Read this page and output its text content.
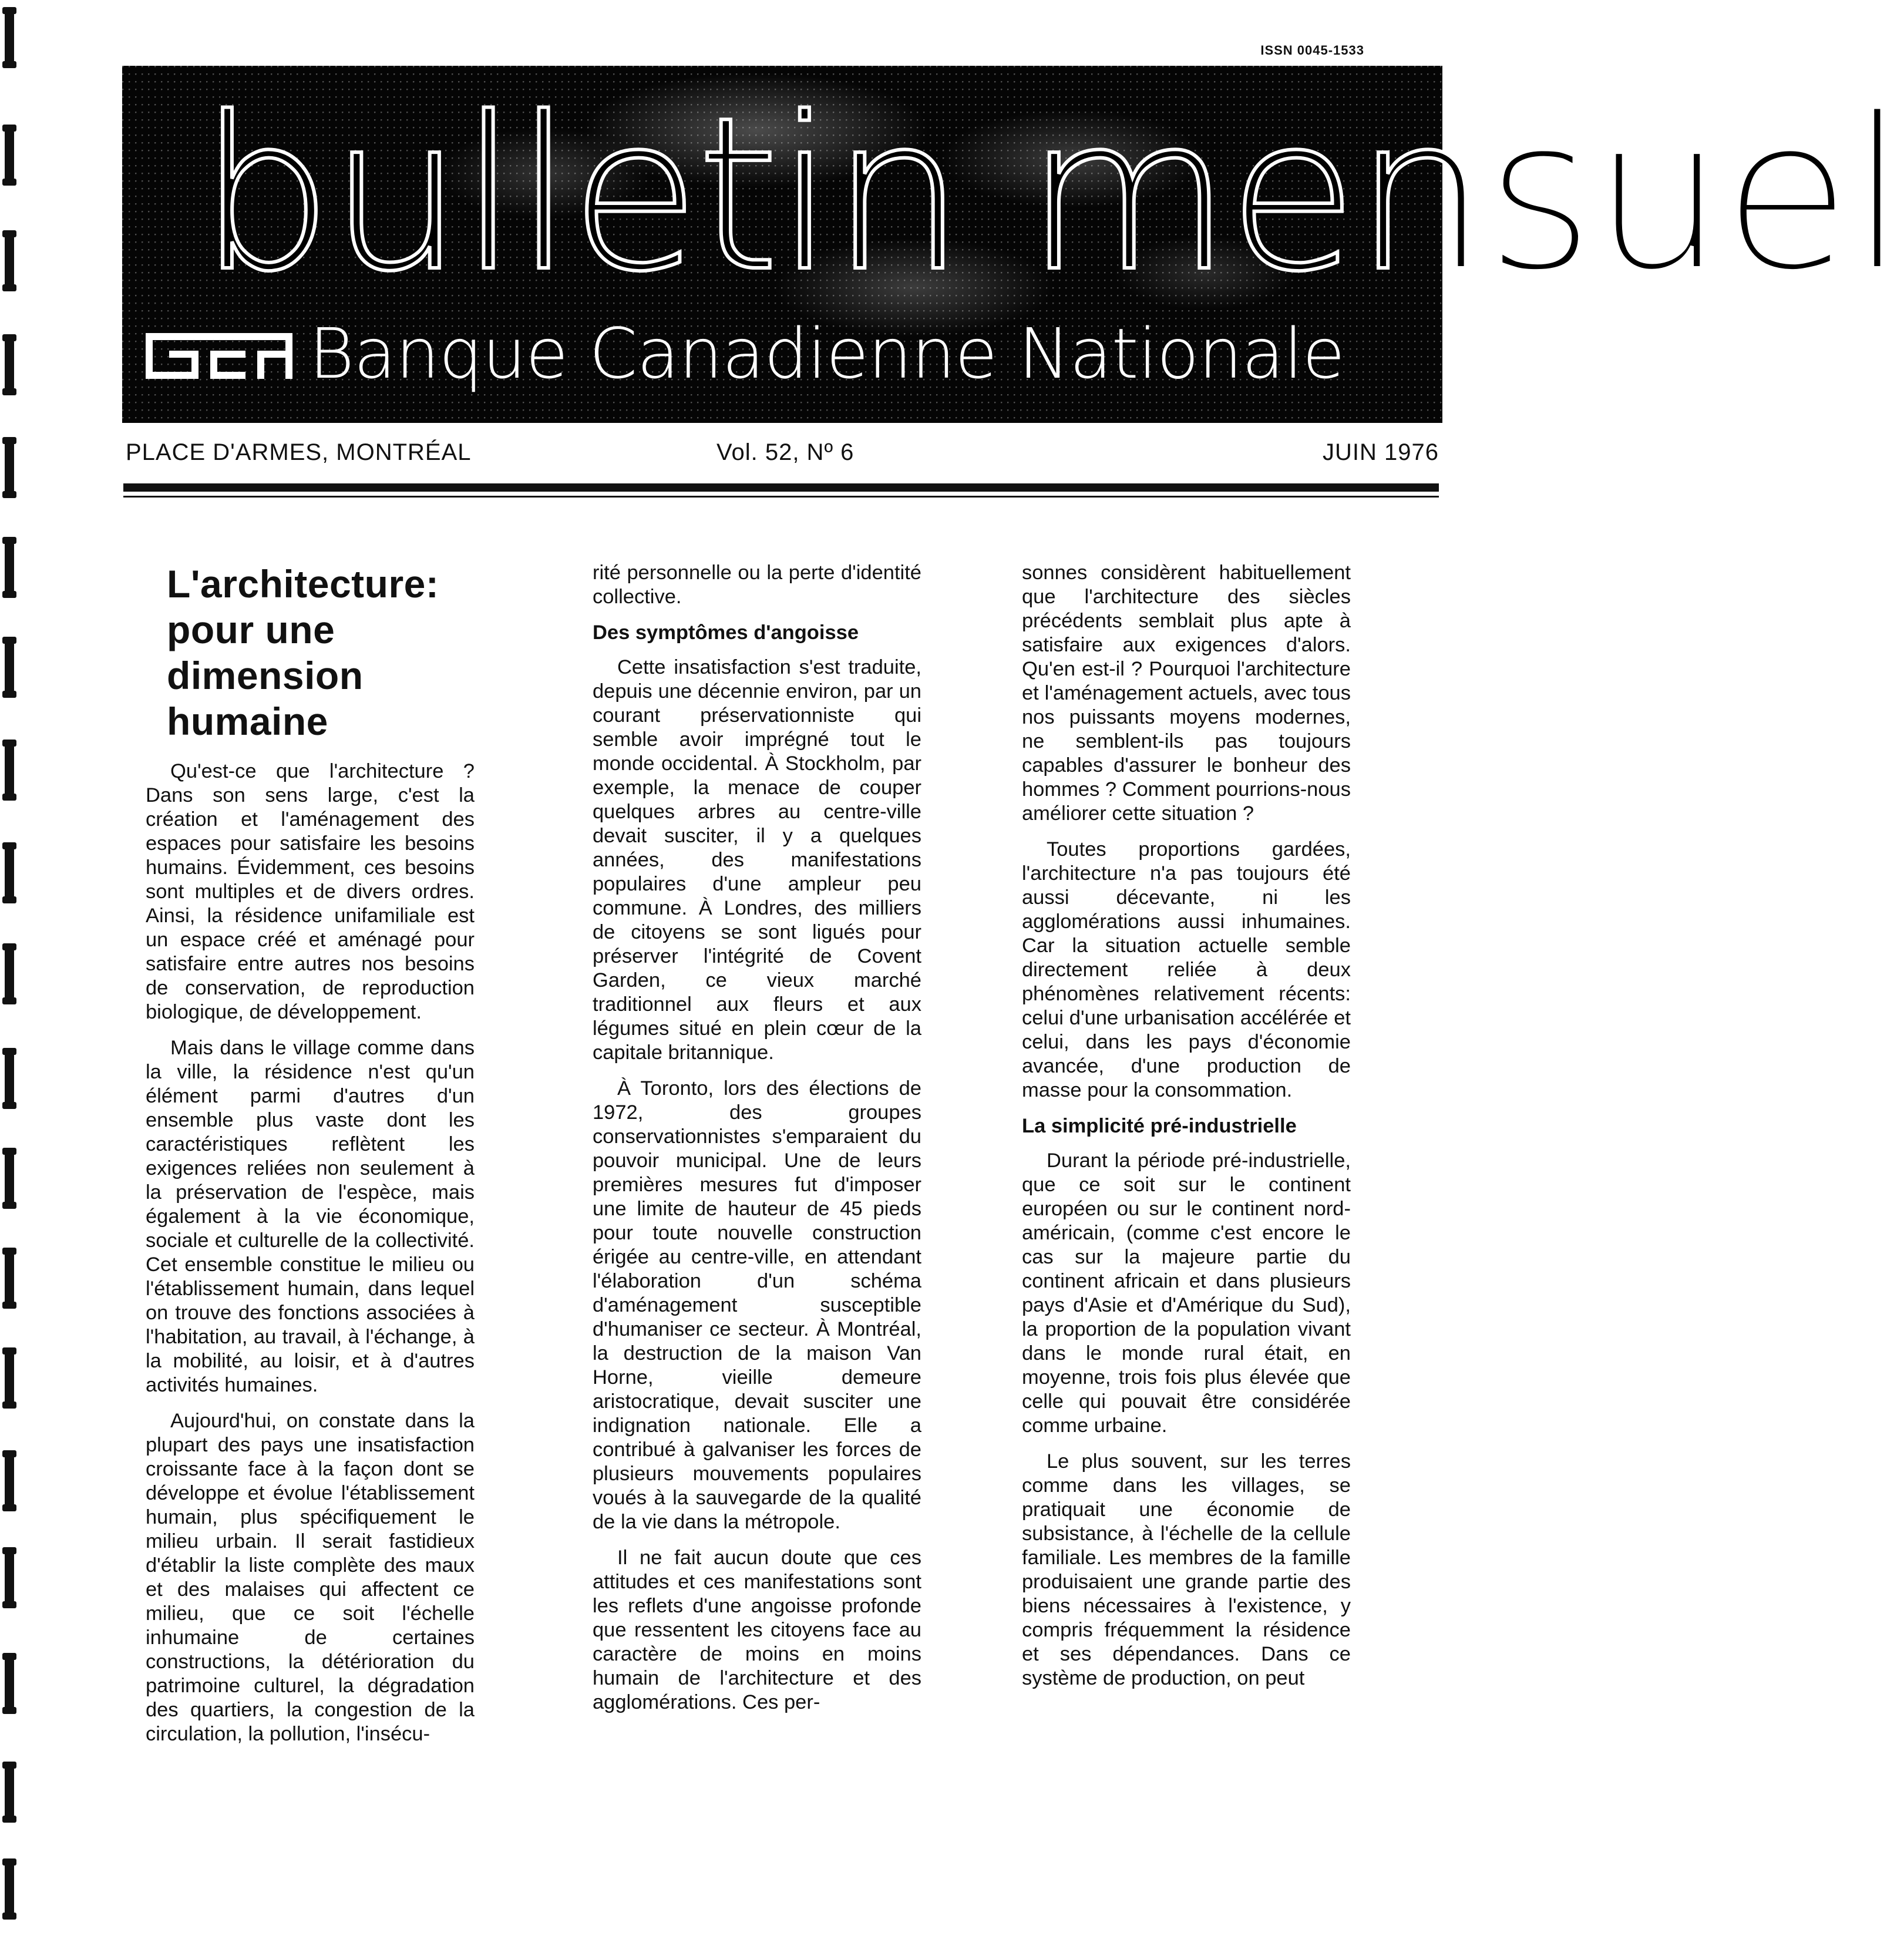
ISSN 0045-1533
bulletin mensuel
Banque Canadienne Nationale
PLACE D'ARMES, MONTRÉAL	Vol. 52, Nº 6	JUIN 1976
L'architecture:
pour une
dimension
humaine

Qu'est-ce que l'architecture ? Dans son sens large, c'est la création et l'aménagement des espaces pour satisfaire les besoins humains. Évidemment, ces besoins sont multiples et de divers ordres. Ainsi, la résidence unifamiliale est un espace créé et aménagé pour satisfaire entre autres nos besoins de conservation, de reproduction biologique, de développement.

Mais dans le village comme dans la ville, la résidence n'est qu'un élément parmi d'autres d'un ensemble plus vaste dont les caractéristiques reflètent les exigences reliées non seulement à la préservation de l'espèce, mais également à la vie économique, sociale et culturelle de la collectivité. Cet ensemble constitue le milieu ou l'établissement humain, dans lequel on trouve des fonctions associées à l'habitation, au travail, à l'échange, à la mobilité, au loisir, et à d'autres activités humaines.

Aujourd'hui, on constate dans la plupart des pays une insatisfaction croissante face à la façon dont se développe et évolue l'établissement humain, plus spécifiquement le milieu urbain. Il serait fastidieux d'établir la liste complète des maux et des malaises qui affectent ce milieu, que ce soit l'échelle inhumaine de certaines constructions, la détérioration du patrimoine culturel, la dégradation des quartiers, la congestion de la circulation, la pollution, l'insécu-

rité personnelle ou la perte d'identité collective.

Des symptômes d'angoisse

Cette insatisfaction s'est traduite, depuis une décennie environ, par un courant préservationniste qui semble avoir imprégné tout le monde occidental. À Stockholm, par exemple, la menace de couper quelques arbres au centre-ville devait susciter, il y a quelques années, des manifestations populaires d'une ampleur peu commune. À Londres, des milliers de citoyens se sont ligués pour préserver l'intégrité de Covent Garden, ce vieux marché traditionnel aux fleurs et aux légumes situé en plein cœur de la capitale britannique.

À Toronto, lors des élections de 1972, des groupes conservationnistes s'emparaient du pouvoir municipal. Une de leurs premières mesures fut d'imposer une limite de hauteur de 45 pieds pour toute nouvelle construction érigée au centre-ville, en attendant l'élaboration d'un schéma d'aménagement susceptible d'humaniser ce secteur. À Montréal, la destruction de la maison Van Horne, vieille demeure aristocratique, devait susciter une indignation nationale. Elle a contribué à galvaniser les forces de plusieurs mouvements populaires voués à la sauvegarde de la qualité de la vie dans la métropole.

Il ne fait aucun doute que ces attitudes et ces manifestations sont les reflets d'une angoisse profonde que ressentent les citoyens face au caractère de moins en moins humain de l'architecture et des agglomérations. Ces per-

sonnes considèrent habituellement que l'architecture des siècles précédents semblait plus apte à satisfaire aux exigences d'alors. Qu'en est-il ? Pourquoi l'architecture et l'aménagement actuels, avec tous nos puissants moyens modernes, ne semblent-ils pas toujours capables d'assurer le bonheur des hommes ? Comment pourrions-nous améliorer cette situation ?

Toutes proportions gardées, l'architecture n'a pas toujours été aussi décevante, ni les agglomérations aussi inhumaines. Car la situation actuelle semble directement reliée à deux phénomènes relativement récents: celui d'une urbanisation accélérée et celui, dans les pays d'économie avancée, d'une production de masse pour la consommation.

La simplicité pré-industrielle

Durant la période pré-industrielle, que ce soit sur le continent européen ou sur le continent nord-américain, (comme c'est encore le cas sur la majeure partie du continent africain et dans plusieurs pays d'Asie et d'Amérique du Sud), la proportion de la population vivant dans le monde rural était, en moyenne, trois fois plus élevée que celle qui pouvait être considérée comme urbaine.

Le plus souvent, sur les terres comme dans les villages, se pratiquait une économie de subsistance, à l'échelle de la cellule familiale. Les membres de la famille produisaient une grande partie des biens nécessaires à l'existence, y compris fréquemment la résidence et ses dépendances. Dans ce système de production, on peut
